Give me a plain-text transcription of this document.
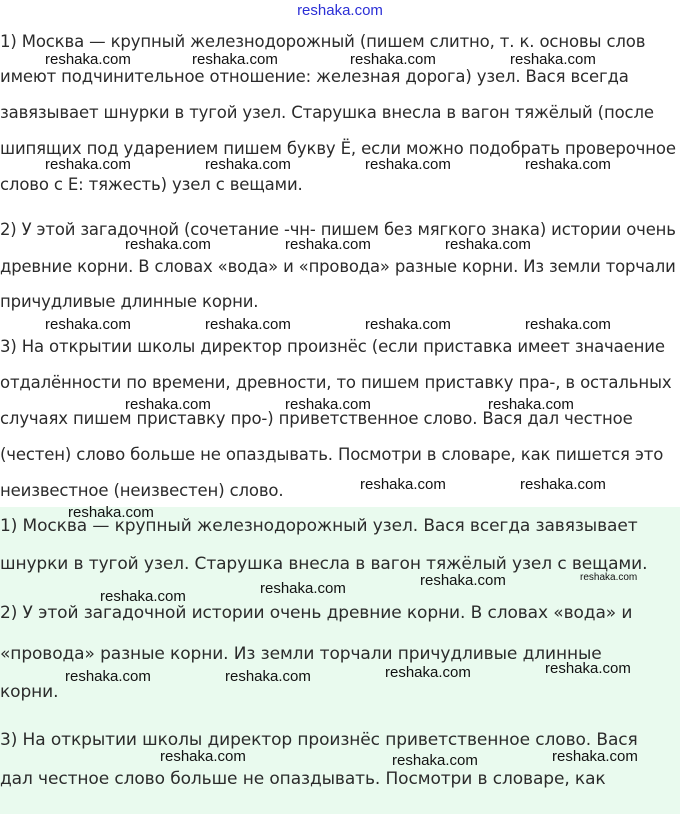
reshaka.com
1) Москва — крупный железнодорожный (пишем слитно, т. к. основы слов
имеют подчинительное отношение: железная дорога) узел. Вася всегда
завязывает шнурки в тугой узел. Старушка внесла в вагон тяжёлый (после
шипящих под ударением пишем букву Ё, если можно подобрать проверочное
слово с Е: тяжесть) узел с вещами.
2) У этой загадочной (сочетание -чн- пишем без мягкого знака) истории очень
древние корни. В словах «вода» и «провода» разные корни. Из земли торчали
причудливые длинные корни.
3) На открытии школы директор произнёс (если приставка имеет значаение
отдалённости по времени, древности, то пишем приставку пра-, в остальных
случаях пишем приставку про-) приветственное слово. Вася дал честное
(честен) слово больше не опаздывать. Посмотри в словаре, как пишется это
неизвестное (неизвестен) слово.
1) Москва — крупный железнодорожный узел. Вася всегда завязывает
шнурки в тугой узел. Старушка внесла в вагон тяжёлый узел с вещами.
2) У этой загадочной истории очень древние корни. В словах «вода» и
«провода» разные корни. Из земли торчали причудливые длинные
корни.
3) На открытии школы директор произнёс приветственное слово. Вася
дал честное слово больше не опаздывать. Посмотри в словаре, как
reshaka.com	reshaka.com	reshaka.com	reshaka.com
reshaka.com	reshaka.com	reshaka.com	reshaka.com
reshaka.com	reshaka.com	reshaka.com
reshaka.com	reshaka.com	reshaka.com	reshaka.com
reshaka.com	reshaka.com	reshaka.com
reshaka.com	reshaka.com
reshaka.com
reshaka.com	reshaka.com
reshaka.com
reshaka.com
reshaka.com
reshaka.com
reshaka.com	reshaka.com
reshaka.com
reshaka.com	reshaka.com
